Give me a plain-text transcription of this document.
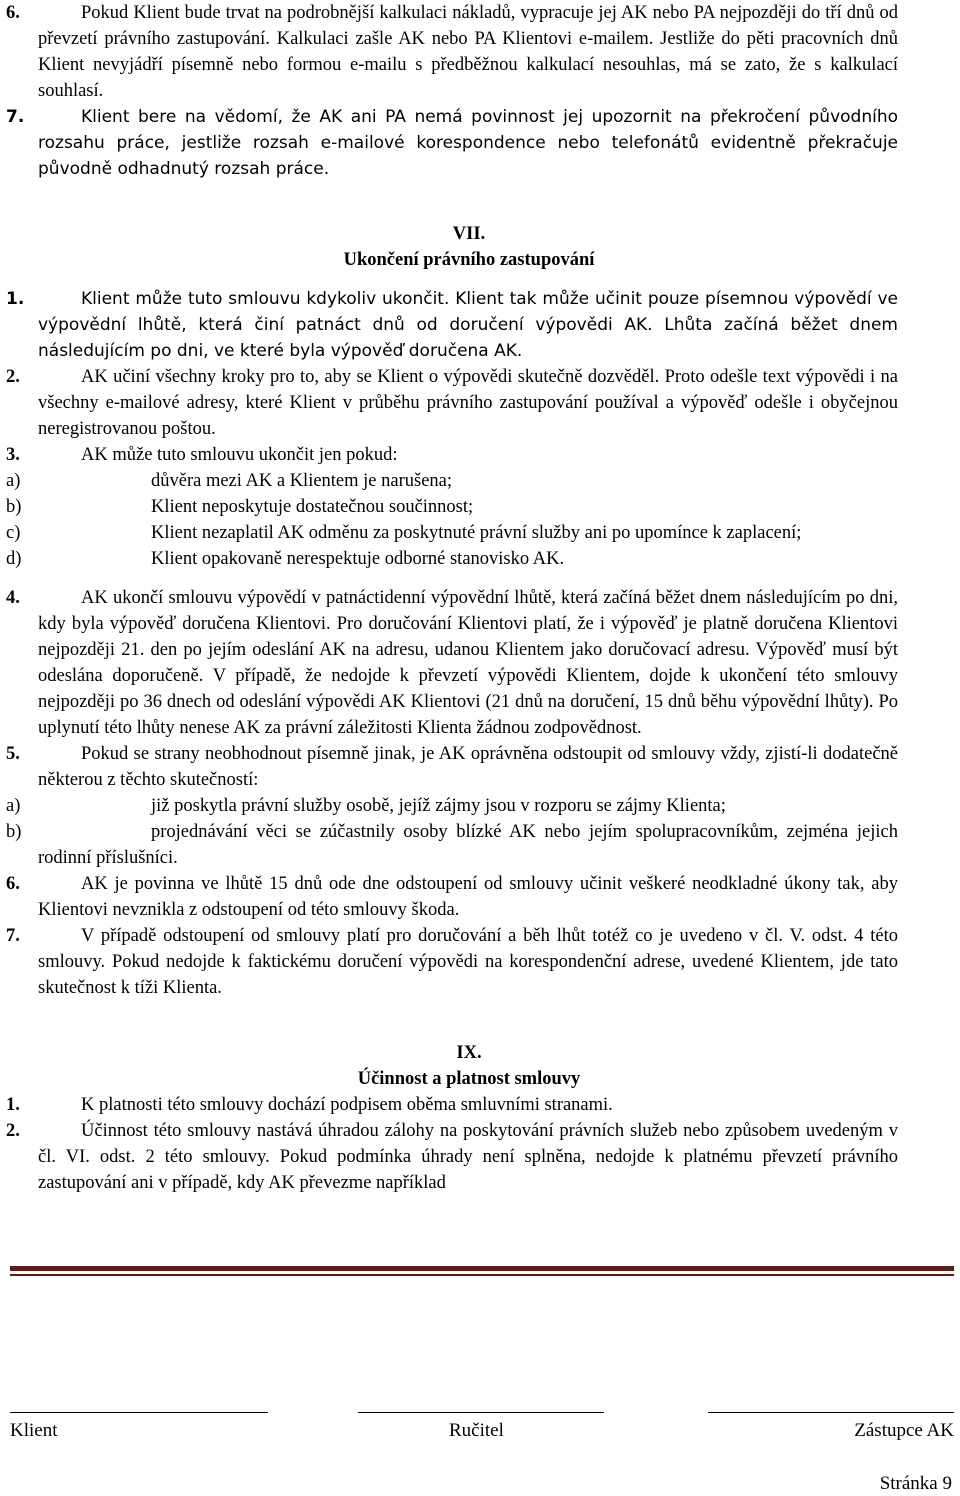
6.	Pokud Klient bude trvat na podrobnější kalkulaci nákladů, vypracuje jej AK nebo PA nejpozději do tří dnů od převzetí právního zastupování. Kalkulaci zašle AK nebo PA Klientovi e-mailem. Jestliže do pěti pracovních dnů Klient nevyjádří písemně nebo formou e-mailu s předběžnou kalkulací nesouhlas, má se zato, že s kalkulací souhlasí.
7.	Klient bere na vědomí, že AK ani PA nemá povinnost jej upozornit na překročení původního rozsahu práce, jestliže rozsah e-mailové korespondence nebo telefonátů evidentně překračuje původně odhadnutý rozsah práce.
VII.
Ukončení právního zastupování
1.	Klient může tuto smlouvu kdykoliv ukončit. Klient tak může učinit pouze písemnou výpovědí ve výpovědní lhůtě, která činí patnáct dnů od doručení výpovědi AK. Lhůta začíná běžet dnem následujícím po dni, ve které byla výpověď doručena AK.
2.	AK učiní všechny kroky pro to, aby se Klient o výpovědi skutečně dozvěděl. Proto odešle text výpovědi i na všechny e-mailové adresy, které Klient v průběhu právního zastupování používal a výpověď odešle i obyčejnou neregistrovanou poštou.
3.	AK může tuto smlouvu ukončit jen pokud:
a)	důvěra mezi AK a Klientem je narušena;
b)	Klient neposkytuje dostatečnou součinnost;
c)	Klient nezaplatil AK odměnu za poskytnuté právní služby ani po upomínce k zaplacení;
d)	Klient opakovaně nerespektuje odborné stanovisko AK.
4.	AK ukončí smlouvu výpovědí v patnáctidenní výpovědní lhůtě, která začíná běžet dnem následujícím po dni, kdy byla výpověď doručena Klientovi. Pro doručování Klientovi platí, že i výpověď je platně doručena Klientovi nejpozději 21. den po jejím odeslání AK na adresu, udanou Klientem jako doručovací adresu. Výpověď musí být odeslána doporučeně. V případě, že nedojde k převzetí výpovědi Klientem, dojde k ukončení této smlouvy nejpozději po 36 dnech od odeslání výpovědi AK Klientovi (21 dnů na doručení, 15 dnů běhu výpovědní lhůty). Po uplynutí této lhůty nenese AK za právní záležitosti Klienta žádnou zodpovědnost.
5.	Pokud se strany neobhodnout písemně jinak, je AK oprávněna odstoupit od smlouvy vždy, zjistí-li dodatečně některou z těchto skutečností:
a)	již poskytla právní služby osobě, jejíž zájmy jsou v rozporu se zájmy Klienta;
b)	projednávání věci se zúčastnily osoby blízké AK nebo jejím spolupracovníkům, zejména jejich rodinní příslušníci.
6.	AK je povinna ve lhůtě 15 dnů ode dne odstoupení od smlouvy učinit veškeré neodkladné úkony tak, aby Klientovi nevznikla z odstoupení od této smlouvy škoda.
7.	V případě odstoupení od smlouvy platí pro doručování a běh lhůt totéž co je uvedeno v čl. V. odst. 4 této smlouvy. Pokud nedojde k faktickému doručení výpovědi na korespondenční adrese, uvedené Klientem, jde tato skutečnost k tíži Klienta.
IX.
Účinnost a platnost smlouvy
1.	K platnosti této smlouvy dochází podpisem oběma smluvními stranami.
2.	Účinnost této smlouvy nastává úhradou zálohy na poskytování právních služeb nebo způsobem uvedeným v čl. VI. odst. 2 této smlouvy. Pokud podmínka úhrady není splněna, nedojde k platnému převzetí právního zastupování ani v případě, kdy AK převezme například
Klient	Ručitel	Zástupce AK
Stránka 9
